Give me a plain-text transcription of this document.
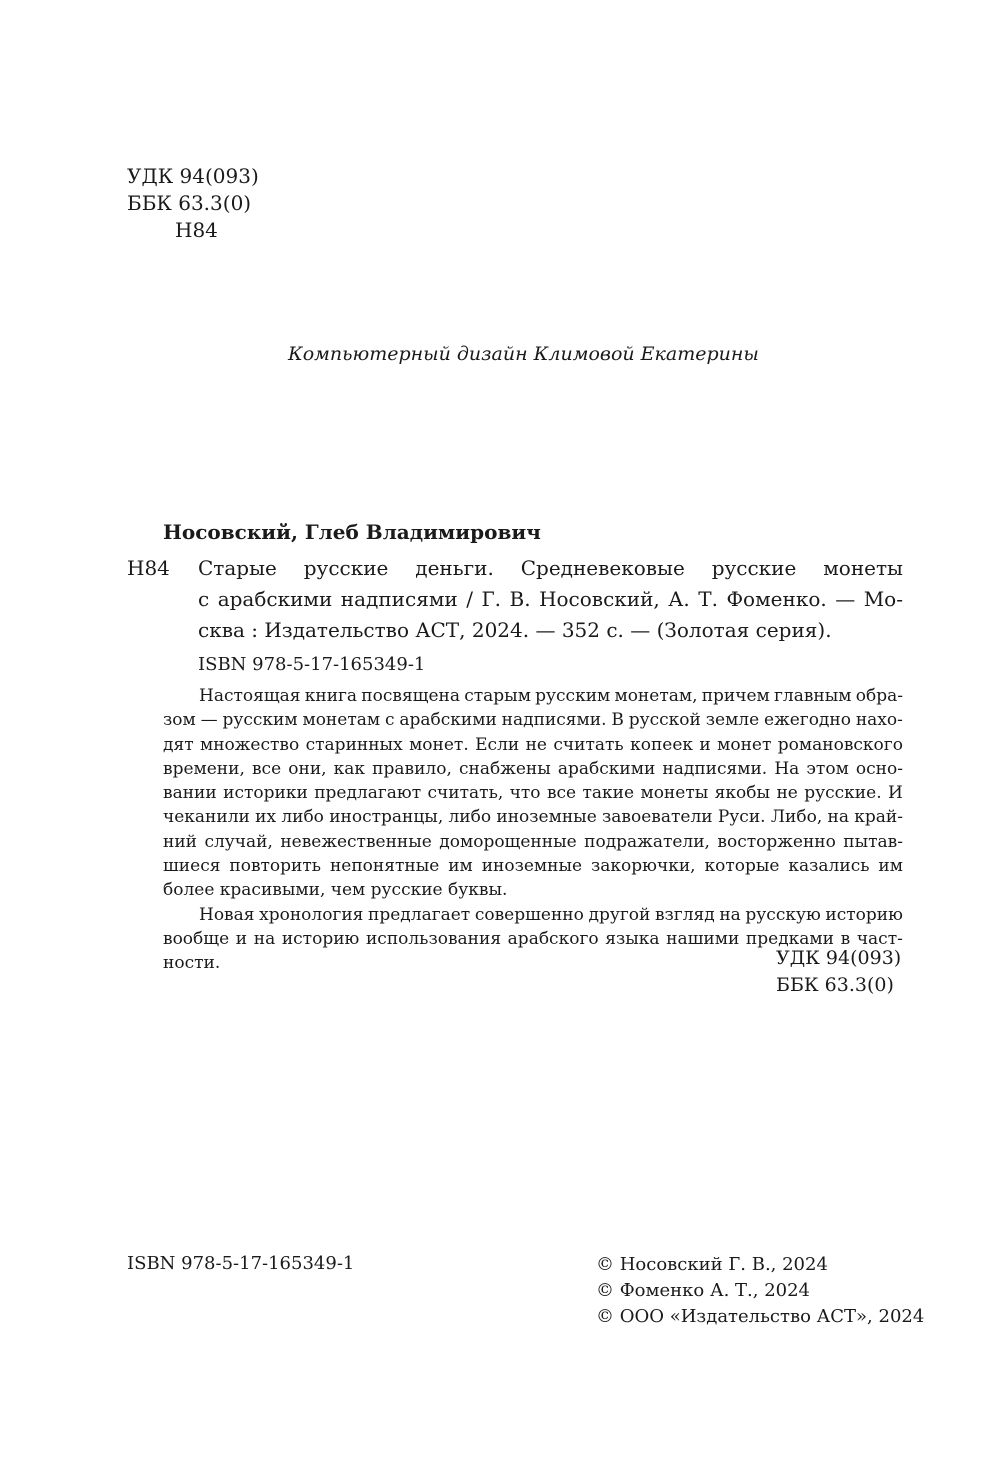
УДК 94(093)
ББК 63.3(0)
Н84
Компьютерный дизайн Климовой Екатерины
Носовский, Глеб Владимирович
Н84 Старые русские деньги. Средневековые русские монеты
с арабскими надписями / Г. В. Носовский, А. Т. Фоменко. — Мо-
сква : Издательство АСТ, 2024. — 352 с. — (Золотая серия).
ISBN 978-5-17-165349-1
Настоящая книга посвящена старым русским монетам, причем главным обра-
зом — русским монетам с арабскими надписями. В русской земле ежегодно нахо-
дят множество старинных монет. Если не считать копеек и монет романовского
времени, все они, как правило, снабжены арабскими надписями. На этом осно-
вании историки предлагают считать, что все такие монеты якобы не русские. И
чеканили их либо иностранцы, либо иноземные завоеватели Руси. Либо, на край-
ний случай, невежественные доморощенные подражатели, восторженно пытав-
шиеся повторить непонятные им иноземные закорючки, которые казались им
более красивыми, чем русские буквы.
Новая хронология предлагает совершенно другой взгляд на русскую историю
вообще и на историю использования арабского языка нашими предками в част-
ности.	УДК 94(093)
ББК 63.3(0)
ISBN 978-5-17-165349-1	© Носовский Г. В., 2024
© Фоменко А. Т., 2024
© ООО «Издательство АСТ», 2024
